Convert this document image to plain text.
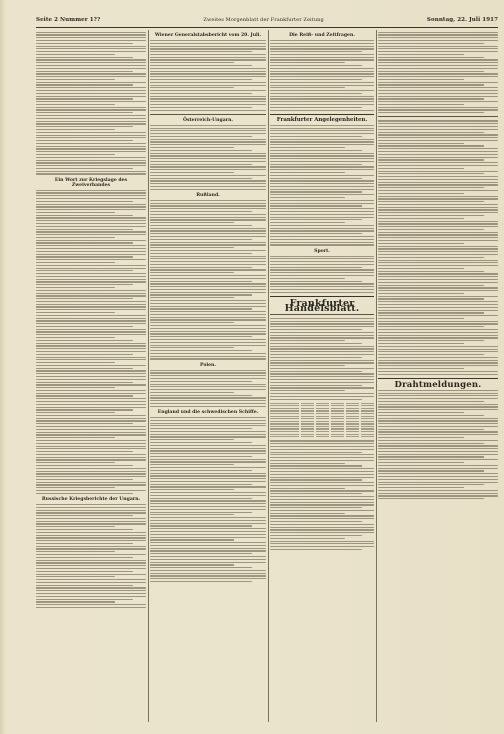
Seite 2 Nummer 1??	Zweites Morgenblatt der Frankfurter Zeitung	Sonntag, 22. Juli 1917
Ein Wort zur Kriegslage des Zweiverbandes
Russische Kriegsberichte der Ungarn.
Wiener Generalstabsbericht vom 20. Juli.
Österreich-Ungarn.
Rußland.
Polen.
England und die schwedischen Schiffe.
Die Reiß- und Zeitfragen.
Frankfurter Angelegenheiten.
Sport.
Frankfurter Handelsblatt.
Drahtmeldungen.
